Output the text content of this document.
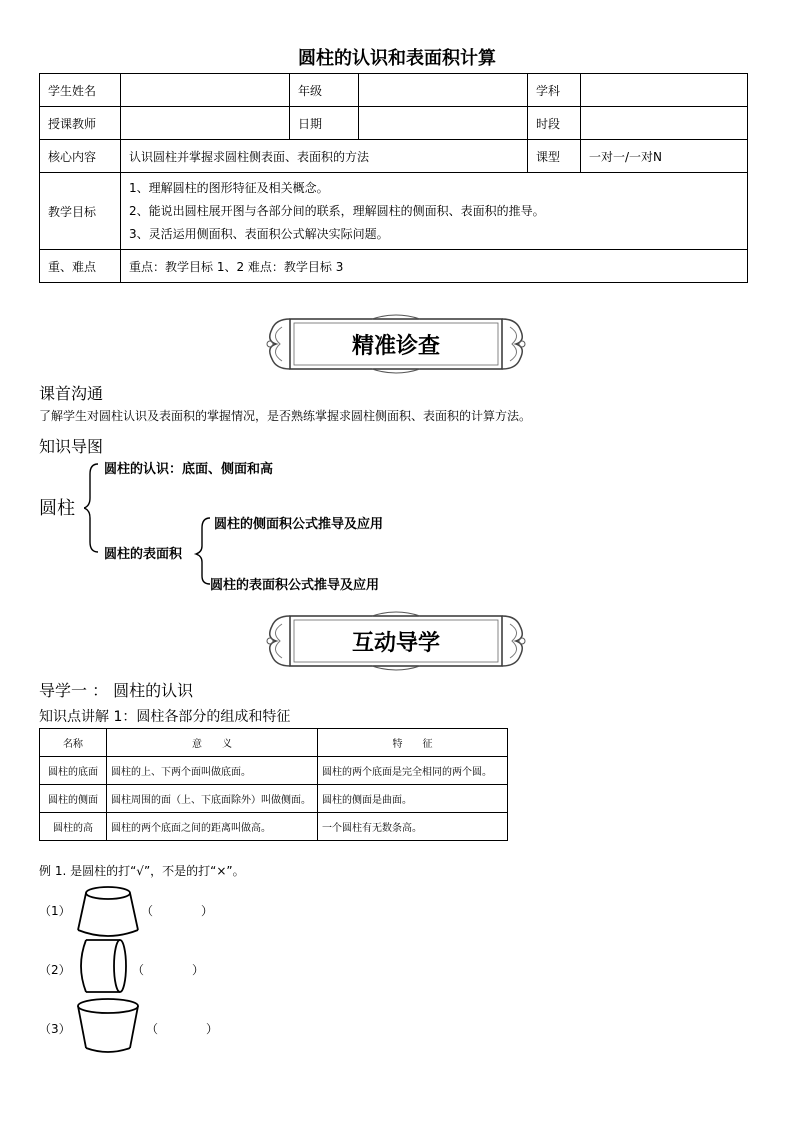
圆柱的认识和表面积计算
学生姓名		年级		学科	
授课教师		日期		时段	
核心内容	认识圆柱并掌握求圆柱侧表面、表面积的方法			课型	一对一/一对N
教学目标	1、理解圆柱的图形特征及相关概念。
2、能说出圆柱展开图与各部分间的联系，理解圆柱的侧面积、表面积的推导。
3、灵活运用侧面积、表面积公式解决实际问题。				

重、难点	重点：教学目标 1、2 难点：教学目标 3				
精准诊查
课首沟通
了解学生对圆柱认识及表面积的掌握情况，是否熟练掌握求圆柱侧面积、表面积的计算方法。
知识导图
圆柱
圆柱的认识：底面、侧面和高
圆柱的表面积
圆柱的侧面积公式推导及应用
圆柱的表面积公式推导及应用
互动导学
导学一 ： 圆柱的认识
知识点讲解 1：圆柱各部分的组成和特征
名称	意　　义	特　　征
圆柱的底面	圆柱的上、下两个面叫做底面。	圆柱的两个底面是完全相同的两个圆。
圆柱的侧面	圆柱周围的面（上、下底面除外）叫做侧面。	圆柱的侧面是曲面。
圆柱的高	圆柱的两个底面之间的距离叫做高。	一个圆柱有无数条高。
例 1. 是圆柱的打“√”，不是的打“×”。
（1）	（　　　　）
（2）	（　　　　）
（3）	（　　　　）
